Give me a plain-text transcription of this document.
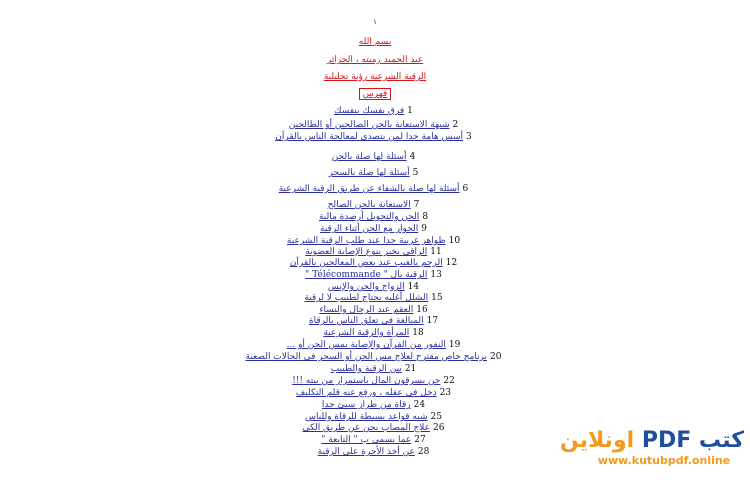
١
بسم الله
عبد الحميد رميته ، الجزائر
الرقية الشرعية رؤية تحليلية
فهرس
1فرق نفسك بنفسك
2شبهة الاستعانة بالجن الصالحين أو الطالحين
3أسس هامة جدا لمن يتصدى لمعالجة الناس بالقرآن
4أسئلة لها صلة بالجن
5أسئلة لها صلة بالسحر
6أسئلة لها صلة بالشفاء عن طريق الرقية الشرعية
7الاستعانة بالجن الصالح
8الجن والتحويل أرصدة مالية
9الحوار مع الجن أثناء الرقية
10ظواهر غريبة جدا عند طلب الرقية الشرعية
11الراقي يخبر بنوع الإصابة العضوية
12الرجم بالغيب عند بعض المعالجين بالقرآن
13الرقية بال " Télécommande "
14الزواج والجن والإنس
15الشلل أغلبه يحتاج لطبيب لا لرقية
16العقم عند الرجال والنساء
17المبالغة في تعلق الناس بالرقاة
18المرأة والرقية الشرعية
19النفور من القرآن والإصابة بمس الجن أو ...
20برنامج خاص مقترح لعلاج مس الجن أو السحر في الحالات الصعبة
21بين الرقية والطبيب
22جن يسرقون المال باستمرار من بيته !!!
23دخل في عقله ، ورفع عنه قلم التكليف
24رقاة من طراز سيئ جدا
25شبه قواعد بسيطة للرقاة وللناس
26علاج المصاب بجن عن طريق الكي
27عما يسمى ب " التابعة "
28عن أخذ الأجرة على الرقية	كتب PDF اونلاين
www.kutubpdf.online
